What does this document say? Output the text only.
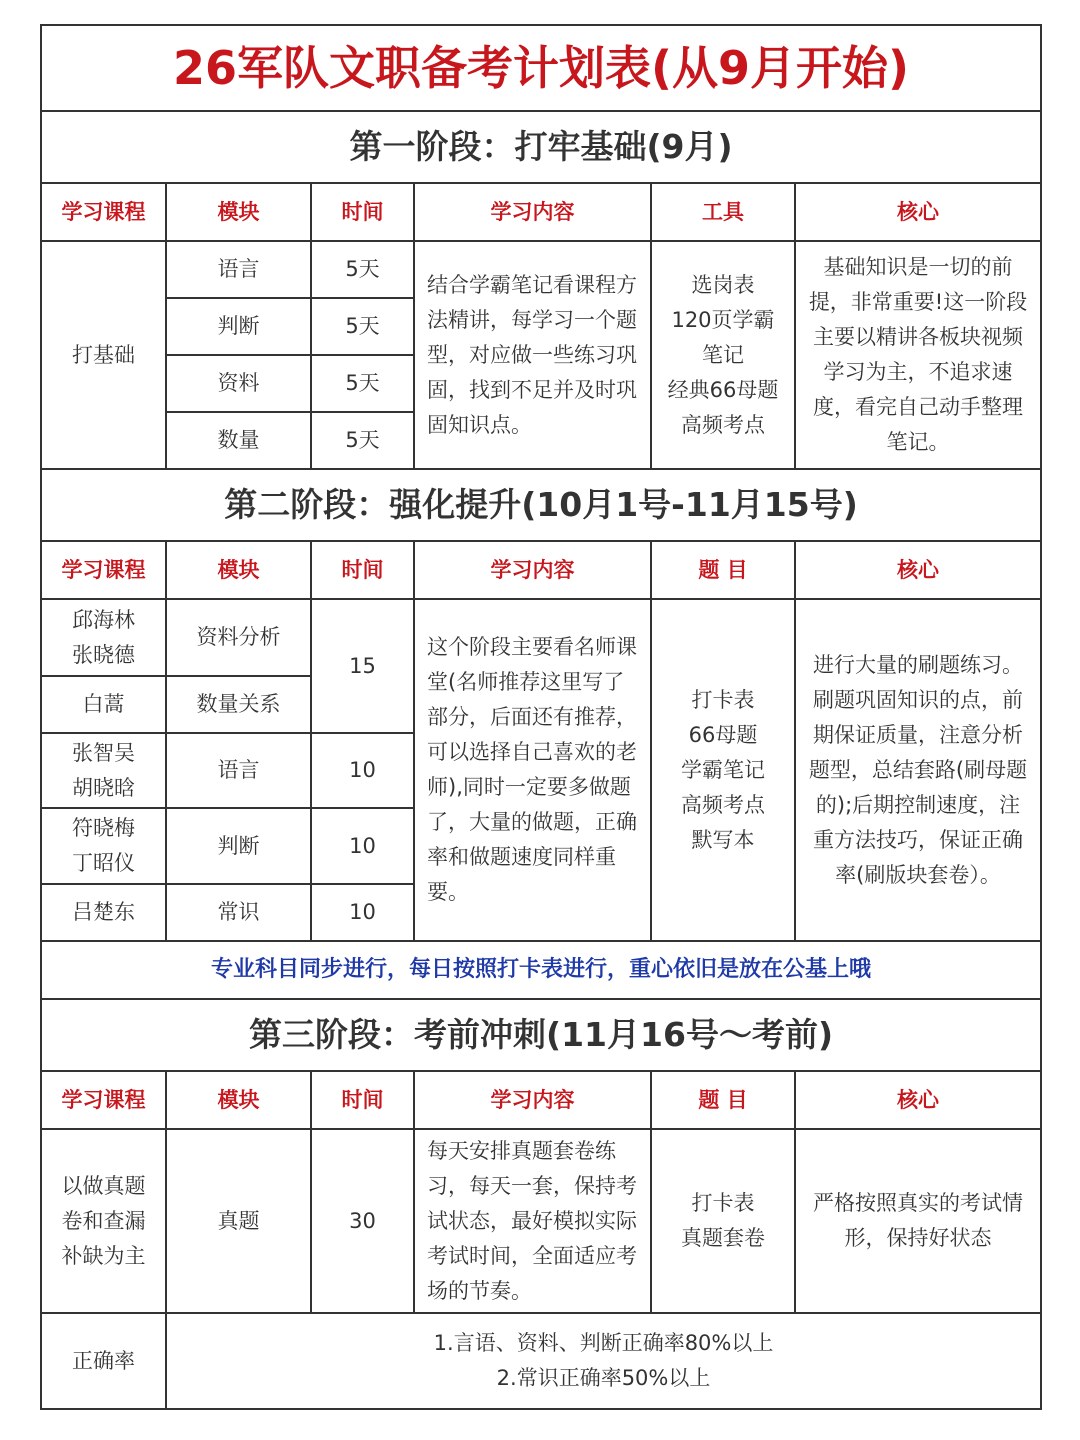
26军队文职备考计划表(从9月开始)					
第一阶段：打牢基础(9月)					
学习课程	模块	时间	学习内容	工具	核心
打基础	语言	5天	结合学霸笔记看课程方法精讲，每学习一个题型，对应做一些练习巩固，找到不足并及时巩固知识点。	选岗表
120页学霸
笔记
经典66母题
高频考点	基础知识是一切的前提，非常重要!这一阶段主要以精讲各板块视频学习为主，不追求速度，看完自己动手整理笔记。
	判断	5天			
	资料	5天			
	数量	5天			
第二阶段：强化提升(10月1号-11月15号)					
学习课程	模块	时间	学习内容	题 目	核心
邱海林
张晓德	资料分析	15	这个阶段主要看名师课堂(名师推荐这里写了部分，后面还有推荐，可以选择自己喜欢的老师),同时一定要多做题了，大量的做题，正确率和做题速度同样重要。	打卡表
66母题
学霸笔记
高频考点
默写本	进行大量的刷题练习。刷题巩固知识的点，前期保证质量，注意分析题型，总结套路(刷母题的);后期控制速度，注重方法技巧，保证正确率(刷版块套卷）。
白蒿	数量关系				
张智吴
胡晓晗	语言	10			
符晓梅
丁昭仪	判断	10			
吕楚东	常识	10			
专业科目同步进行，每日按照打卡表进行，重心依旧是放在公基上哦					
第三阶段：考前冲刺(11月16号～考前)					
学习课程	模块	时间	学习内容	题 目	核心
以做真题
卷和查漏
补缺为主	真题	30	每天安排真题套卷练习，每天一套，保持考试状态，最好模拟实际考试时间，全面适应考场的节奏。	打卡表
真题套卷	严格按照真实的考试情形，保持好状态
正确率	1.言语、资料、判断正确率80%以上
2.常识正确率50%以上				
